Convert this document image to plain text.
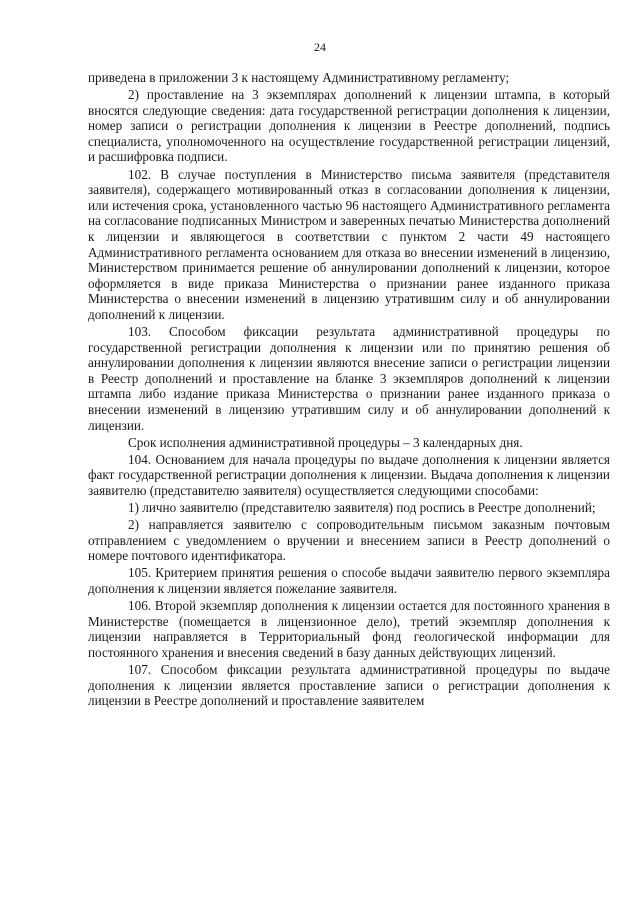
24

приведена в приложении 3 к настоящему Административному регламенту;

2) проставление на 3 экземплярах дополнений к лицензии штампа, в который вносятся следующие сведения: дата государственной регистрации дополнения к лицензии, номер записи о регистрации дополнения к лицензии в Реестре дополнений, подпись специалиста, уполномоченного на осуществление государственной регистрации лицензий, и расшифровка подписи.

102. В случае поступления в Министерство письма заявителя (представителя заявителя), содержащего мотивированный отказ в согласовании дополнения к лицензии, или истечения срока, установленного частью 96 настоящего Административного регламента на согласование подписанных Министром и заверенных печатью Министерства дополнений к лицензии и являющегося в соответствии с пунктом 2 части 49 настоящего Административного регламента основанием для отказа во внесении изменений в лицензию, Министерством принимается решение об аннулировании дополнений к лицензии, которое оформляется в виде приказа Министерства о признании ранее изданного приказа Министерства о внесении изменений в лицензию утратившим силу и об аннулировании дополнений к лицензии.

103. Способом фиксации результата административной процедуры по государственной регистрации дополнения к лицензии или по принятию решения об аннулировании дополнения к лицензии являются внесение записи о регистрации лицензии в Реестр дополнений и проставление на бланке 3 экземпляров дополнений к лицензии штампа либо издание приказа Министерства о признании ранее изданного приказа о внесении изменений в лицензию утратившим силу и об аннулировании дополнений к лицензии.

Срок исполнения административной процедуры – 3 календарных дня.

104. Основанием для начала процедуры по выдаче дополнения к лицензии является факт государственной регистрации дополнения к лицензии. Выдача дополнения к лицензии заявителю (представителю заявителя) осуществляется следующими способами:

1) лично заявителю (представителю заявителя) под роспись в Реестре дополнений;

2) направляется заявителю с сопроводительным письмом заказным почтовым отправлением с уведомлением о вручении и внесением записи в Реестр дополнений о номере почтового идентификатора.

105. Критерием принятия решения о способе выдачи заявителю первого экземпляра дополнения к лицензии является пожелание заявителя.

106. Второй экземпляр дополнения к лицензии остается для постоянного хранения в Министерстве (помещается в лицензионное дело), третий экземпляр дополнения к лицензии направляется в Территориальный фонд геологической информации для постоянного хранения и внесения сведений в базу данных действующих лицензий.

107. Способом фиксации результата административной процедуры по выдаче дополнения к лицензии является проставление записи о регистрации дополнения к лицензии в Реестре дополнений и проставление заявителем
